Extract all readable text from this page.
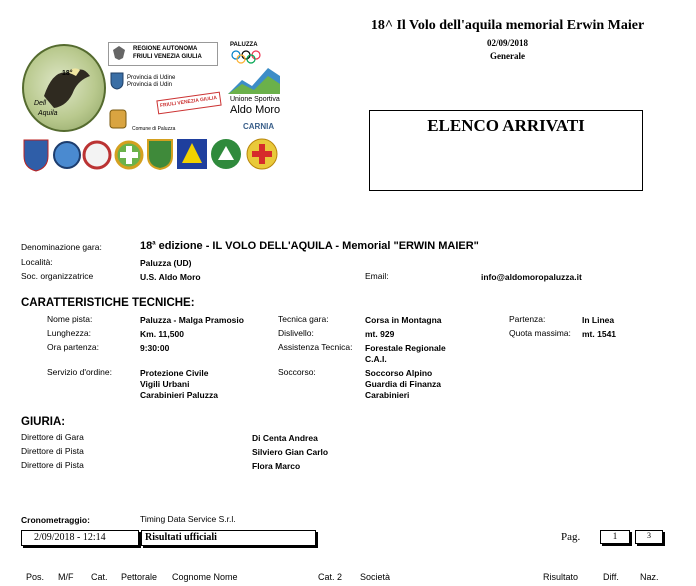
18^ Il Volo dell'aquila memorial Erwin Maier
02/09/2018
Generale
ELENCO ARRIVATI
18°
Dell
Aquila
REGIONE AUTONOMA
FRIULI VENEZIA GIULIA
Provincia di Udine
Provincia di Udin
FRIULI VENEZIA GIULIA
Comune di Paluzza
PALUZZA
Unione Sportiva
Aldo Moro
CARNIA
Denominazione gara:	18$^a$ edizione - IL VOLO DELL'AQUILA - Memorial "ERWIN MAIER"
Località:	Paluzza (UD)
Soc. organizzatrice	U.S. Aldo Moro	Email:	info@aldomoropaluzza.it
CARATTERISTICHE TECNICHE:
Nome pista:	Paluzza - Malga Pramosio
Lunghezza:	Km. 11,500
Ora partenza:	9:30:00
Servizio d'ordine:	Protezione Civile
Vigili Urbani
Carabinieri Paluzza
Tecnica gara:	Corsa in Montagna
Dislivello:	mt. 929
Assistenza Tecnica: Forestale Regionale
C.A.I.
Soccorso:	Soccorso Alpino
Guardia di Finanza
Carabinieri
Partenza:	In Linea
Quota massima: mt. 1541
GIURIA:
Direttore di Gara	Di Centa Andrea
Direttore di Pista	Silviero Gian Carlo
Direttore di Pista	Flora Marco
Cronometraggio:	Timing Data Service S.r.l.
2/09/2018 - 12:14	Risultati ufficiali	Pag.	1	3
Pos. M/F Cat. Pettorale Cognome Nome	Cat. 2 Società	Risultato	Diff. Naz.
